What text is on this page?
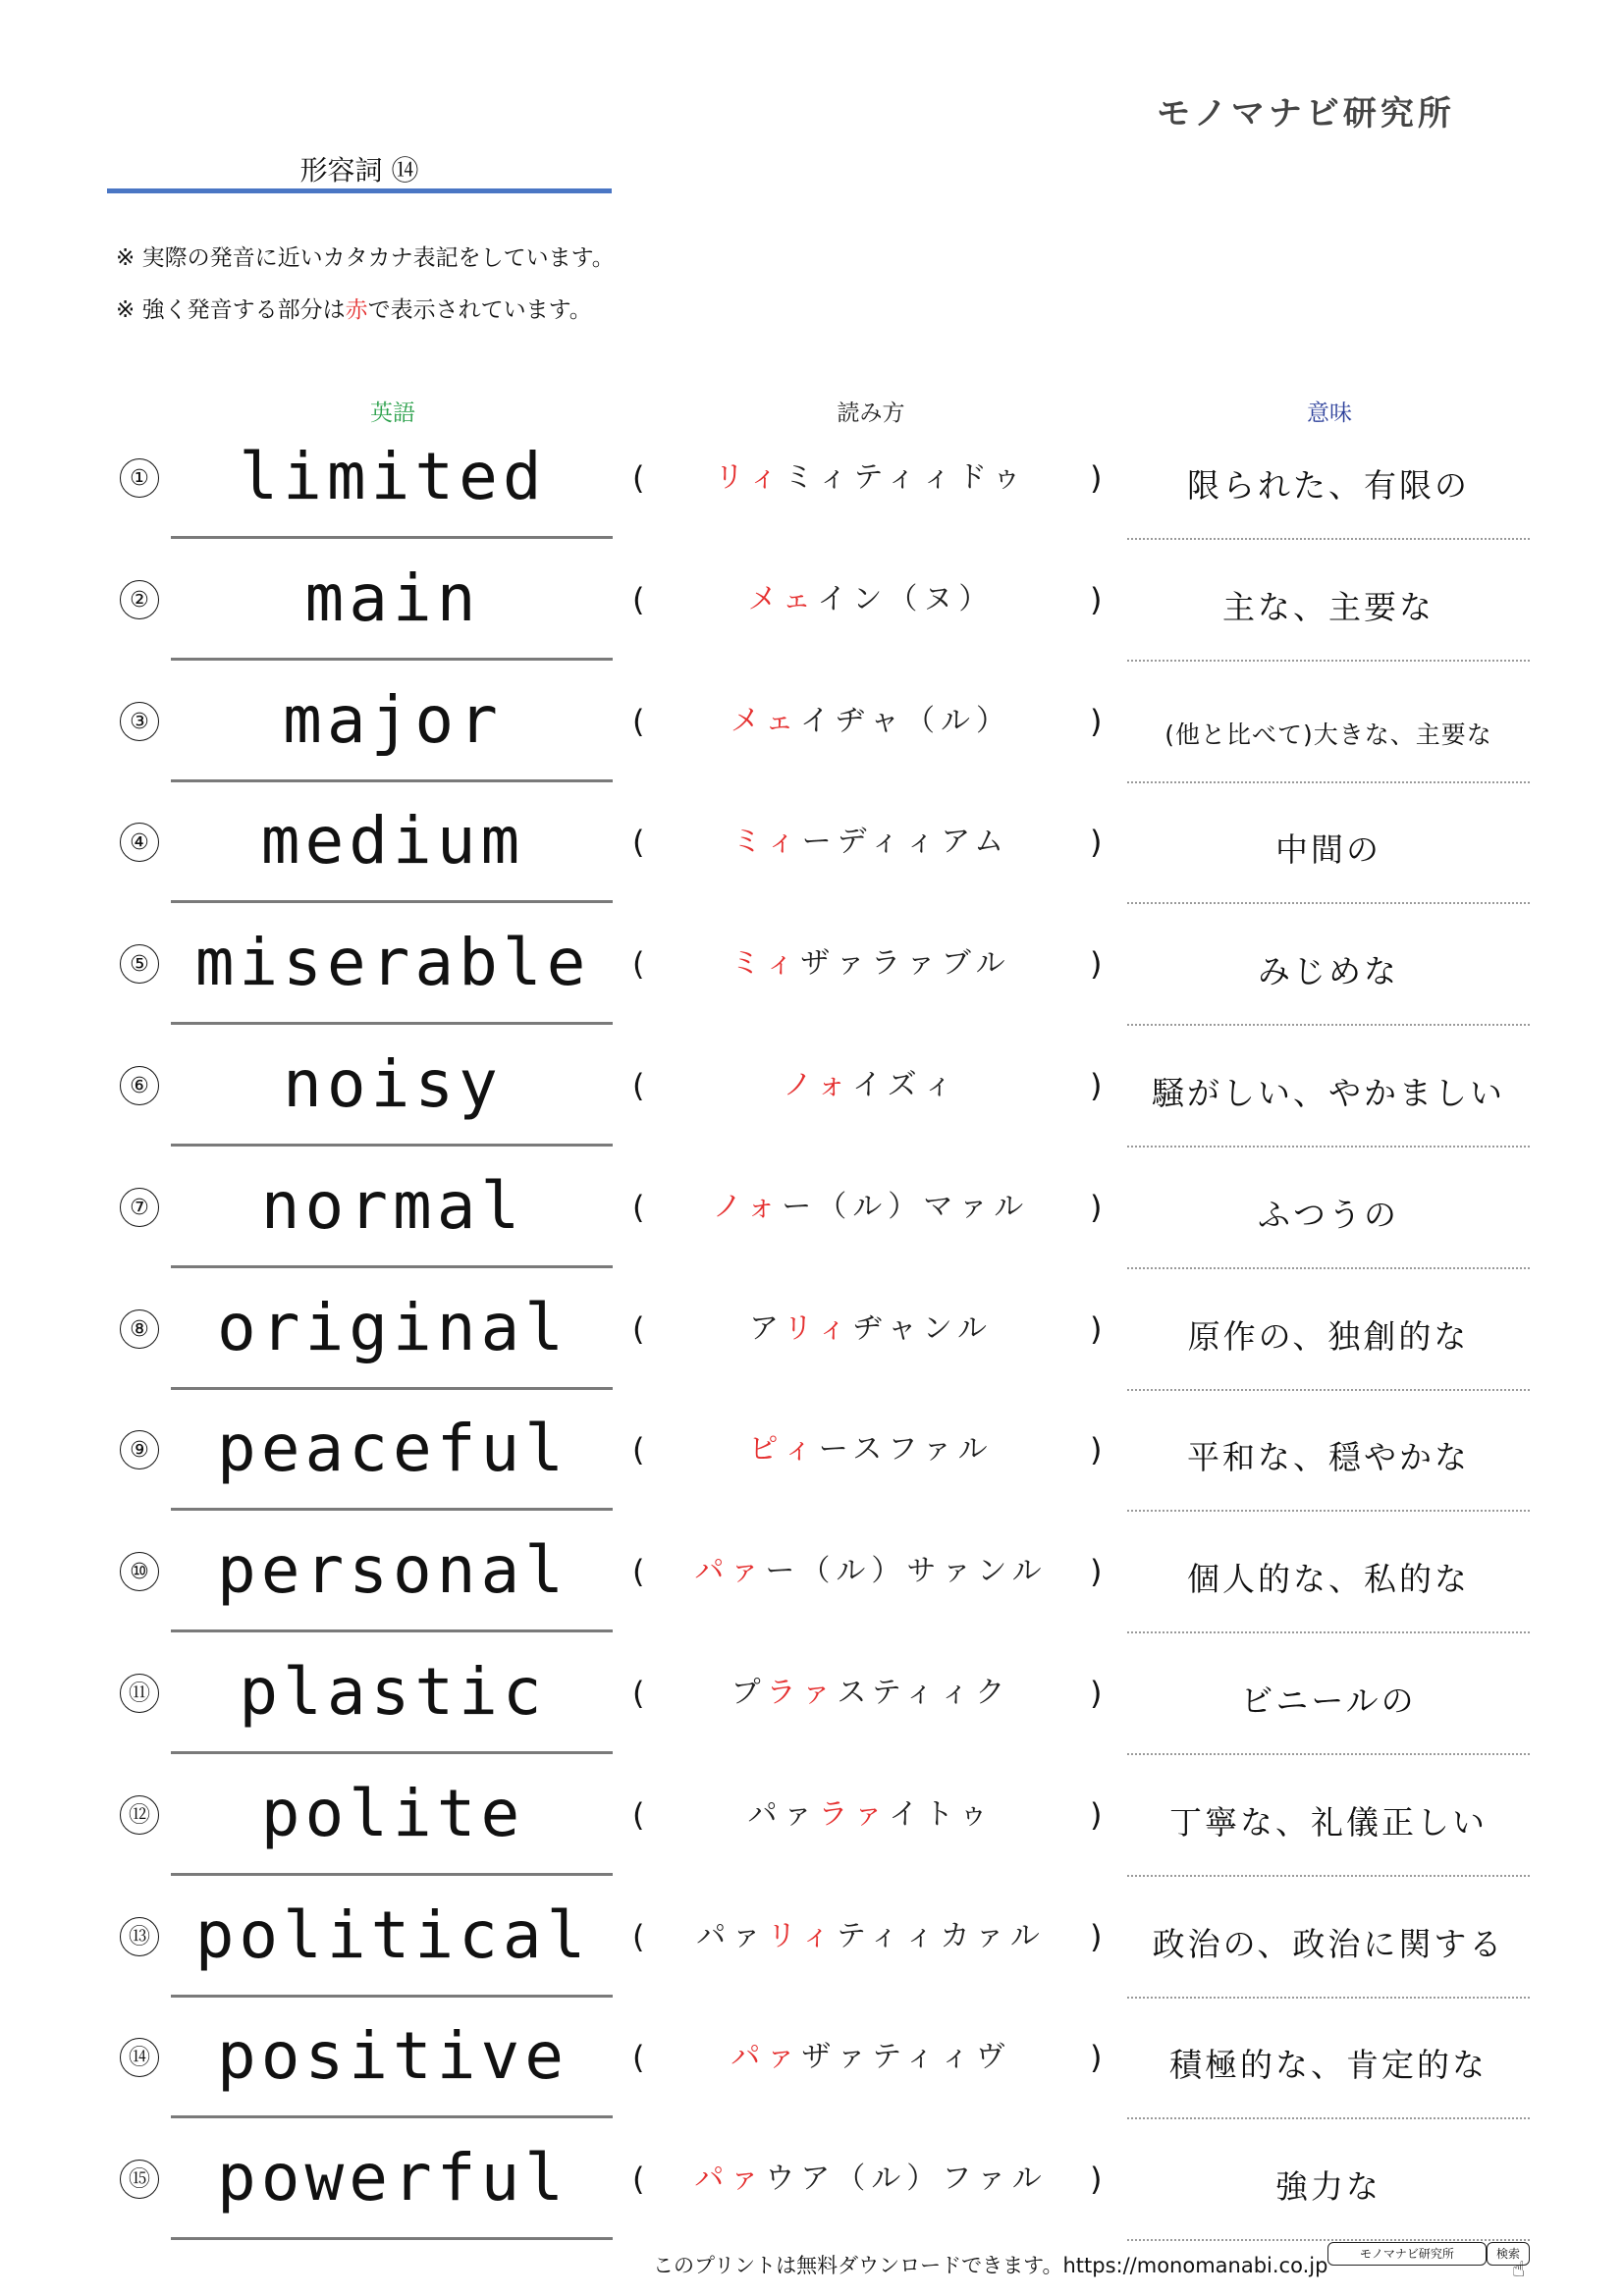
モノマナビ研究所
形容詞 ⑭
※ 実際の発音に近いカタカナ表記をしています。
※ 強く発音する部分は赤で表示されています。
英語	読み方	意味
①	limited	(	リィミィティィドゥ	)	限られた、有限の
②	main	(	メェイン（ヌ）	)	主な、主要な
③	major	(	メェイヂャ（ル）	)	(他と比べて)大きな、主要な
④	medium	(	ミィーディィアム	)	中間の
⑤ miserable	(	ミィザァラァブル	)	みじめな
⑥	noisy	(	ノォイズィ	)	騒がしい、やかましい
⑦	normal	(	ノォー（ル）マァル	)	ふつうの
⑧	original	(	アリィヂャンル	)	原作の、独創的な
⑨	peaceful	(	ピィースファル	)	平和な、穏やかな
⑩	personal	(	パァー（ル）サァンル	)	個人的な、私的な
⑪	plastic	(	プラァスティィク	)	ビニールの
⑫	polite	(	パァラァイトゥ	)	丁寧な、礼儀正しい
⑬ political	(	パァリィティィカァル	)	政治の、政治に関する
⑭	positive	(	パァザァティィヴ	)	積極的な、肯定的な
⑮	powerful	(	パァウア（ル）ファル	)	強力な
このプリントは無料ダウンロードできます。https://monomanabi.co.jp	モノマナビ研究所	検索
☝
